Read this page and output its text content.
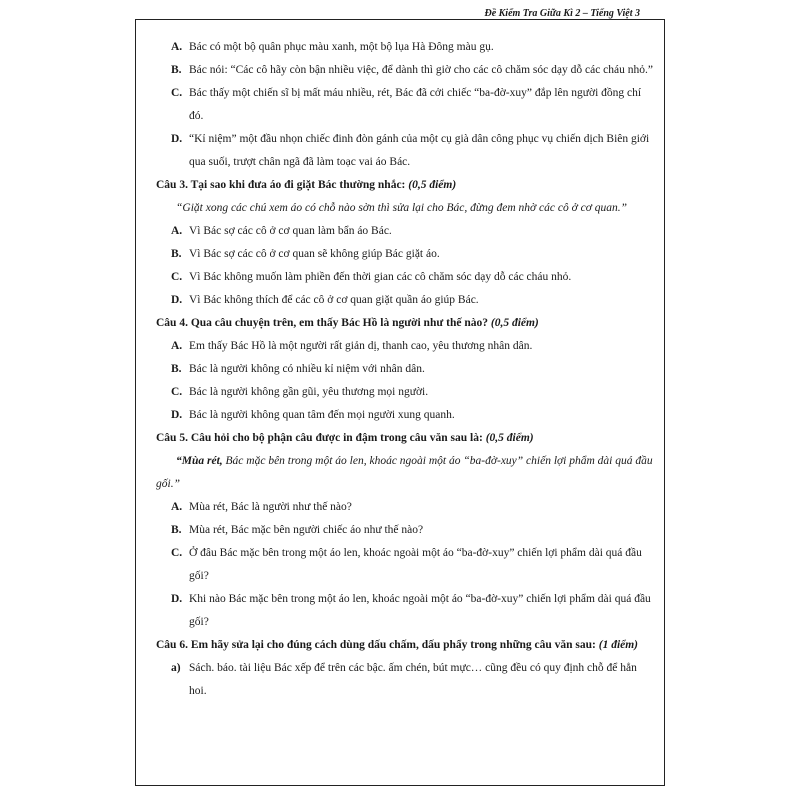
Đề Kiểm Tra Giữa Kì 2 – Tiếng Việt 3
A. Bác có một bộ quân phục màu xanh, một bộ lụa Hà Đông màu gụ.
B. Bác nói: “Các cô hãy còn bận nhiều việc, để dành thì giờ cho các cô chăm sóc dạy dỗ các cháu nhỏ.”
C. Bác thấy một chiến sĩ bị mất máu nhiều, rét, Bác đã cởi chiếc “ba-đờ-xuy” đắp lên người đồng chí đó.
D. “Kỉ niệm” một đầu nhọn chiếc đinh đòn gánh của một cụ già dân công phục vụ chiến dịch Biên giới qua suối, trượt chân ngã đã làm toạc vai áo Bác.
Câu 3. Tại sao khi đưa áo đi giặt Bác thường nhắc: (0,5 điểm)
“Giặt xong các chú xem áo có chỗ nào sờn thì sửa lại cho Bác, đừng đem nhờ các cô ở cơ quan.”
A. Vì Bác sợ các cô ở cơ quan làm bẩn áo Bác.
B. Vì Bác sợ các cô ở cơ quan sẽ không giúp Bác giặt áo.
C. Vì Bác không muốn làm phiền đến thời gian các cô chăm sóc dạy dỗ các cháu nhỏ.
D. Vì Bác không thích để các cô ở cơ quan giặt quần áo giúp Bác.
Câu 4. Qua câu chuyện trên, em thấy Bác Hồ là người như thế nào? (0,5 điểm)
A. Em thấy Bác Hồ là một người rất giản dị, thanh cao, yêu thương nhân dân.
B. Bác là người không có nhiều kỉ niệm với nhân dân.
C. Bác là người không gần gũi, yêu thương mọi người.
D. Bác là người không quan tâm đến mọi người xung quanh.
Câu 5. Câu hỏi cho bộ phận câu được in đậm trong câu văn sau là: (0,5 điểm)
“Mùa rét, Bác mặc bên trong một áo len, khoác ngoài một áo “ba-đờ-xuy” chiến lợi phẩm dài quá đầu gối.”
A. Mùa rét, Bác là người như thế nào?
B. Mùa rét, Bác mặc bên người chiếc áo như thế nào?
C. Ở đâu Bác mặc bên trong một áo len, khoác ngoài một áo “ba-đờ-xuy” chiến lợi phẩm dài quá đầu gối?
D. Khi nào Bác mặc bên trong một áo len, khoác ngoài một áo “ba-đờ-xuy” chiến lợi phẩm dài quá đầu gối?
Câu 6. Em hãy sửa lại cho đúng cách dùng dấu chấm, dấu phẩy trong những câu văn sau: (1 điểm)
a) Sách. báo. tài liệu Bác xếp để trên các bậc. ấm chén, bút mực… cũng đều có quy định chỗ để hẳn hoi.
